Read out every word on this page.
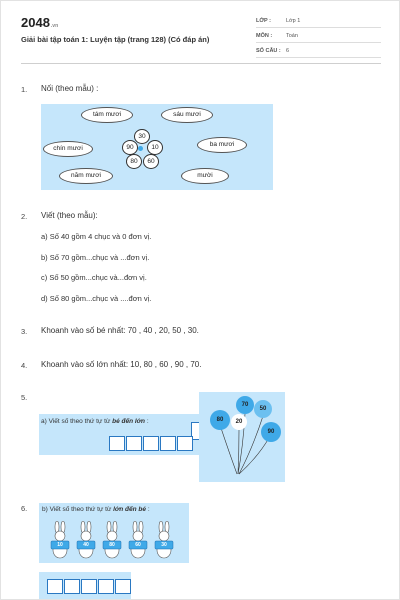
2048.vn
Giải bài tập toán 1: Luyện tập (trang 128) (Có đáp án)
LỚP :	Lớp 1
MÔN :	Toán
SỐ CÂU : 6
1. Nối (theo mẫu) :
tám mươi	sáu mươi
chín mươi
ba mươi
năm mươi	mười
30
90	10
80	60
2. Viết (theo mẫu):
a) Số 40 gồm 4 chục và 0 đơn vị.
b) Số 70 gồm...chục và ...đơn vị.
c) Số 50 gồm...chục và...đơn vị.
d) Số 80 gồm...chục và ....đơn vị.
3. Khoanh vào số bé nhất: 70 , 40 , 20, 50 , 30.
4. Khoanh vào số lớn nhất: 10, 80 , 60 , 90 , 70.
5.
a) Viết số theo thứ tự từ bé đến lớn :
70
50
80	20
90
6. b) Viết số theo thứ tự từ lớn đến bé :
10	40	80	60	30
